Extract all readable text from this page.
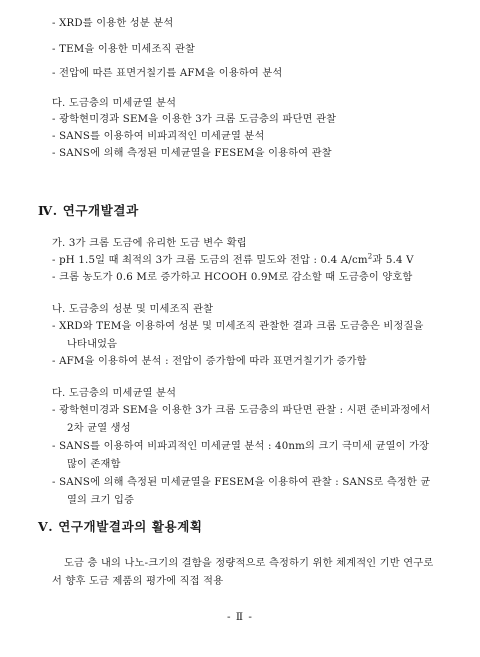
- XRD를 이용한 성분 분석
- TEM을 이용한 미세조직 관찰
- 전압에 따른 표면거칠기를 AFM을 이용하여 분석
다. 도금층의 미세균열 분석
- 광학현미경과 SEM을 이용한 3가 크롬 도금층의 파단면 관찰
- SANS를 이용하여 비파괴적인 미세균열 분석
- SANS에 의해 측정된 미세균열을 FESEM을 이용하여 관찰
Ⅳ. 연구개발결과
가. 3가 크롬 도금에 유리한 도금 변수 확립
- pH 1.5일 때 최적의 3가 크롬 도금의 전류 밀도와 전압 : 0.4 $A/cm^2$과 5.4 V
- 크롬 농도가 0.6 M로 증가하고 HCOOH 0.9M로 감소할 때 도금층이 양호함
나. 도금층의 성분 및 미세조직 관찰
- XRD와 TEM을 이용하여 성분 및 미세조직 관찰한 결과 크롬 도금층은 비정질을
나타내었음
- AFM을 이용하여 분석 : 전압이 증가함에 따라 표면거칠기가 증가함
다. 도금층의 미세균열 분석
- 광학현미경과 SEM을 이용한 3가 크롬 도금층의 파단면 관찰 : 시편 준비과정에서
2차 균열 생성
- SANS를 이용하여 비파괴적인 미세균열 분석 : 40nm의 크기 극미세 균열이 가장
많이 존재함
- SANS에 의해 측정된 미세균열을 FESEM을 이용하여 관찰 : SANS로 측정한 균
열의 크기 입증
Ⅴ. 연구개발결과의 활용계획
도금 층 내의 나노-크기의 결함을 정량적으로 측정하기 위한 체계적인 기반 연구로
서 향후 도금 제품의 평가에 직접 적용
- Ⅱ -
